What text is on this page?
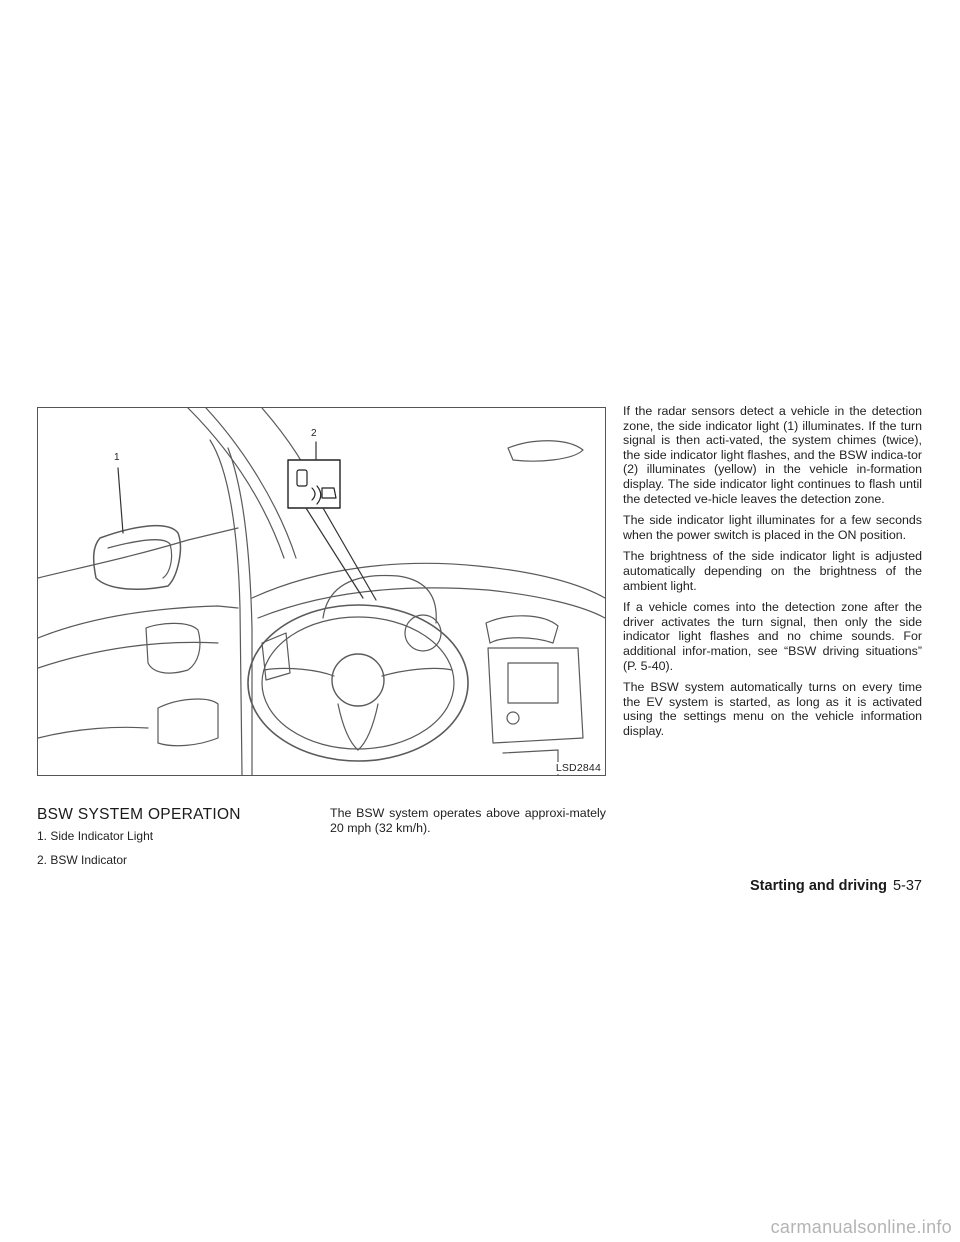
1
2
LSD2844
BSW SYSTEM OPERATION

1. Side Indicator Light

2. BSW Indicator

The BSW system operates above approxi-mately 20 mph (32 km/h).

If the radar sensors detect a vehicle in the detection zone, the side indicator light (1) illuminates. If the turn signal is then acti-vated, the system chimes (twice), the side indicator light flashes, and the BSW indica-tor (2) illuminates (yellow) in the vehicle in-formation display. The side indicator light continues to flash until the detected ve-hicle leaves the detection zone.

The side indicator light illuminates for a few seconds when the power switch is placed in the ON position.

The brightness of the side indicator light is adjusted automatically depending on the brightness of the ambient light.

If a vehicle comes into the detection zone after the driver activates the turn signal, then only the side indicator light flashes and no chime sounds. For additional infor-mation, see “BSW driving situations” (P. 5-40).

The BSW system automatically turns on every time the EV system is started, as long as it is activated using the settings menu on the vehicle information display.

Starting and driving 5-37
carmanualsonline.info
